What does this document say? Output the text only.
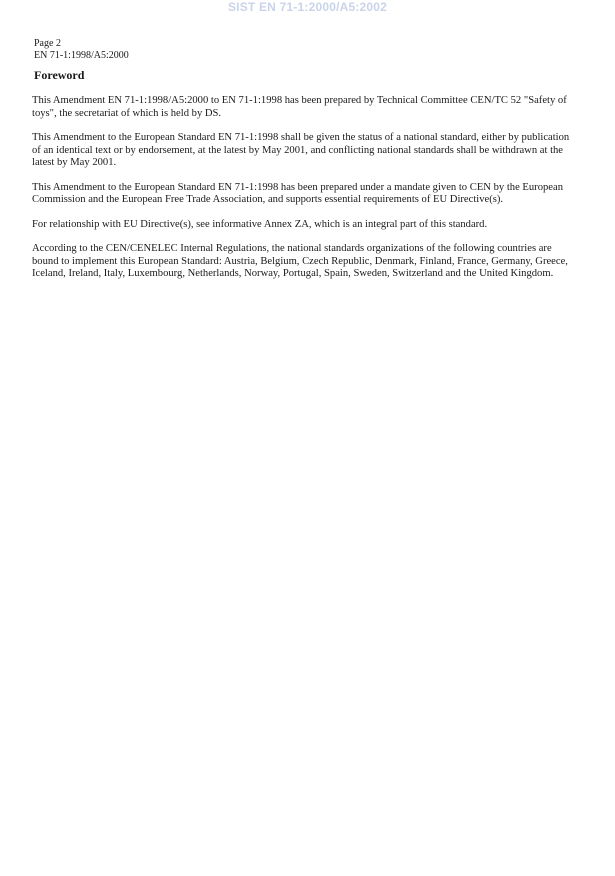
SIST EN 71-1:2000/A5:2002
Page 2
EN 71-1:1998/A5:2000
Foreword

This Amendment EN 71-1:1998/A5:2000 to EN 71-1:1998 has been prepared by Technical Committee CEN/TC 52 "Safety of toys", the secretariat of which is held by DS.

This Amendment to the European Standard EN 71-1:1998 shall be given the status of a national standard, either by publication of an identical text or by endorsement, at the latest by May 2001, and conflicting national standards shall be withdrawn at the latest by May 2001.

This Amendment to the European Standard EN 71-1:1998 has been prepared under a mandate given to CEN by the European Commission and the European Free Trade Association, and supports essential requirements of EU Directive(s).

For relationship with EU Directive(s), see informative Annex ZA, which is an integral part of this standard.

According to the CEN/CENELEC Internal Regulations, the national standards organizations of the following countries are bound to implement this European Standard: Austria, Belgium, Czech Republic, Denmark, Finland, France, Germany, Greece, Iceland, Ireland, Italy, Luxembourg, Netherlands, Norway, Portugal, Spain, Sweden, Switzerland and the United Kingdom.
